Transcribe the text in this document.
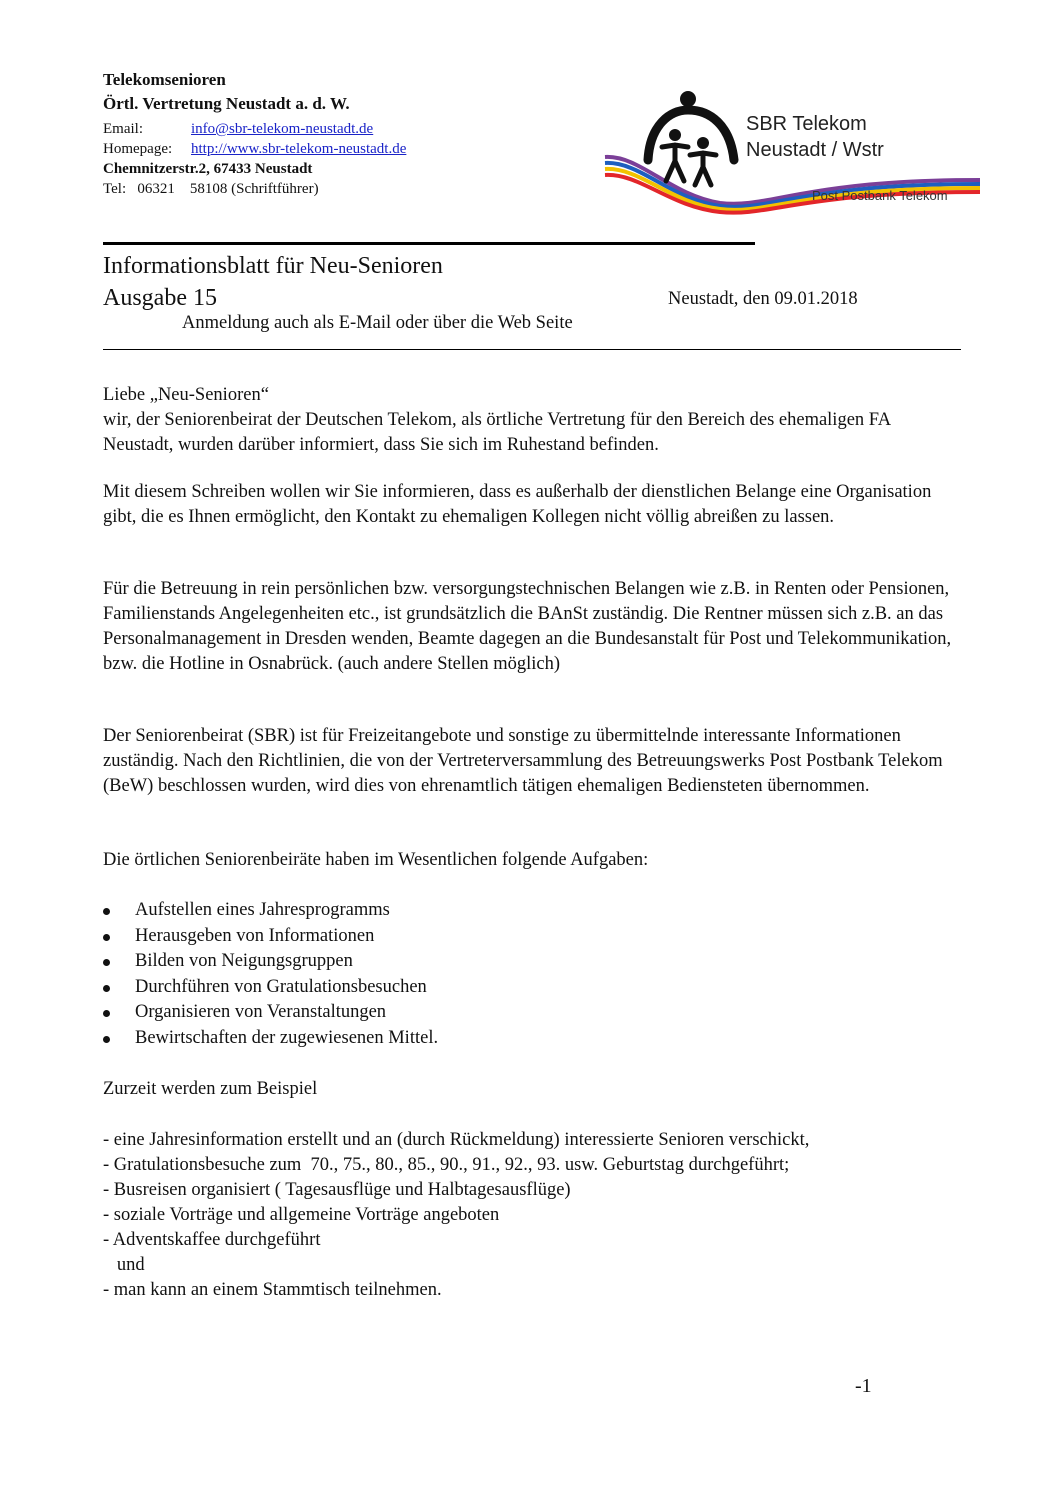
Telekomsenioren
Örtl. Vertretung Neustadt a. d. W.
Email:	info@sbr-telekom-neustadt.de
Homepage: http://www.sbr-telekom-neustadt.de
Chemnitzerstr.2, 67433 Neustadt
Tel:   06321    58108 (Schriftführer)
SBR Telekom
Neustadt / Wstr
Post Postbank Telekom
Informationsblatt für Neu-Senioren
Ausgabe 15	Neustadt, den 09.01.2018
Anmeldung auch als E-Mail oder über die Web Seite

Liebe „Neu-Senioren“

wir, der Seniorenbeirat der Deutschen Telekom, als örtliche Vertretung für den Bereich des ehemaligen FA Neustadt, wurden darüber informiert, dass Sie sich im Ruhestand befinden.

Mit diesem Schreiben wollen wir Sie informieren, dass es außerhalb der dienstlichen Belange eine Organisation gibt, die es Ihnen ermöglicht, den Kontakt zu ehemaligen Kollegen nicht völlig abreißen zu lassen.
Für die Betreuung in rein persönlichen bzw. versorgungstechnischen Belangen wie z.B. in Renten oder Pensionen, Familienstands Angelegenheiten etc., ist grundsätzlich die BAnSt zuständig. Die Rentner müssen sich z.B. an das Personalmanagement in Dresden wenden, Beamte dagegen an die Bundesanstalt für Post und Telekommunikation, bzw. die Hotline in Osnabrück. (auch andere Stellen möglich)
Der Seniorenbeirat (SBR) ist für Freizeitangebote und sonstige zu übermittelnde interessante Informationen zuständig. Nach den Richtlinien, die von der Vertreterversammlung des Betreuungswerks Post Postbank Telekom (BeW) beschlossen wurden, wird dies von ehrenamtlich tätigen ehemaligen Bediensteten übernommen.
Die örtlichen Seniorenbeiräte haben im Wesentlichen folgende Aufgaben:
Aufstellen eines Jahresprogramms
Herausgeben von Informationen
Bilden von Neigungsgruppen
Durchführen von Gratulationsbesuchen
Organisieren von Veranstaltungen
Bewirtschaften der zugewiesenen Mittel.
Zurzeit werden zum Beispiel
- eine Jahresinformation erstellt und an (durch Rückmeldung) interessierte Senioren verschickt,
- Gratulationsbesuche zum  70., 75., 80., 85., 90., 91., 92., 93. usw. Geburtstag durchgeführt;
- Busreisen organisiert ( Tagesausflüge und Halbtagesausflüge)
- soziale Vorträge und allgemeine Vorträge angeboten
- Adventskaffee durchgeführt
und
- man kann an einem Stammtisch teilnehmen.
-1
